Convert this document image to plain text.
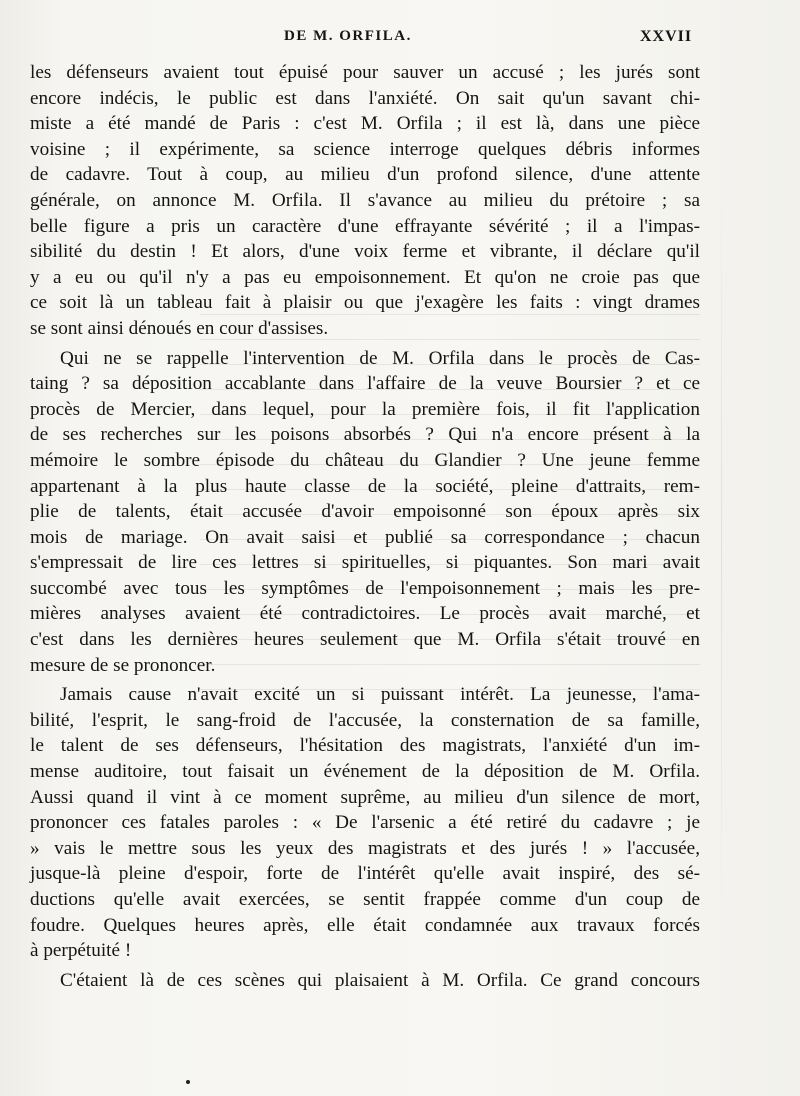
DE M. ORFILA.	XXVII
les défenseurs avaient tout épuisé pour sauver un accusé ; les jurés sont
encore indécis, le public est dans l'anxiété. On sait qu'un savant chi-
miste a été mandé de Paris : c'est M. Orfila ; il est là, dans une pièce
voisine ; il expérimente, sa science interroge quelques débris informes
de cadavre. Tout à coup, au milieu d'un profond silence, d'une attente
générale, on annonce M. Orfila. Il s'avance au milieu du prétoire ; sa
belle figure a pris un caractère d'une effrayante sévérité ; il a l'impas-
sibilité du destin ! Et alors, d'une voix ferme et vibrante, il déclare qu'il
y a eu ou qu'il n'y a pas eu empoisonnement. Et qu'on ne croie pas que
ce soit là un tableau fait à plaisir ou que j'exagère les faits : vingt drames
se sont ainsi dénoués en cour d'assises.
Qui ne se rappelle l'intervention de M. Orfila dans le procès de Cas-
taing ? sa déposition accablante dans l'affaire de la veuve Boursier ? et ce
procès de Mercier, dans lequel, pour la première fois, il fit l'application
de ses recherches sur les poisons absorbés ? Qui n'a encore présent à la
mémoire le sombre épisode du château du Glandier ? Une jeune femme
appartenant à la plus haute classe de la société, pleine d'attraits, rem-
plie de talents, était accusée d'avoir empoisonné son époux après six
mois de mariage. On avait saisi et publié sa correspondance ; chacun
s'empressait de lire ces lettres si spirituelles, si piquantes. Son mari avait
succombé avec tous les symptômes de l'empoisonnement ; mais les pre-
mières analyses avaient été contradictoires. Le procès avait marché, et
c'est dans les dernières heures seulement que M. Orfila s'était trouvé en
mesure de se prononcer.
Jamais cause n'avait excité un si puissant intérêt. La jeunesse, l'ama-
bilité, l'esprit, le sang-froid de l'accusée, la consternation de sa famille,
le talent de ses défenseurs, l'hésitation des magistrats, l'anxiété d'un im-
mense auditoire, tout faisait un événement de la déposition de M. Orfila.
Aussi quand il vint à ce moment suprême, au milieu d'un silence de mort,
prononcer ces fatales paroles : « De l'arsenic a été retiré du cadavre ; je
» vais le mettre sous les yeux des magistrats et des jurés ! » l'accusée,
jusque-là pleine d'espoir, forte de l'intérêt qu'elle avait inspiré, des sé-
ductions qu'elle avait exercées, se sentit frappée comme d'un coup de
foudre. Quelques heures après, elle était condamnée aux travaux forcés
à perpétuité !
C'étaient là de ces scènes qui plaisaient à M. Orfila. Ce grand concours
